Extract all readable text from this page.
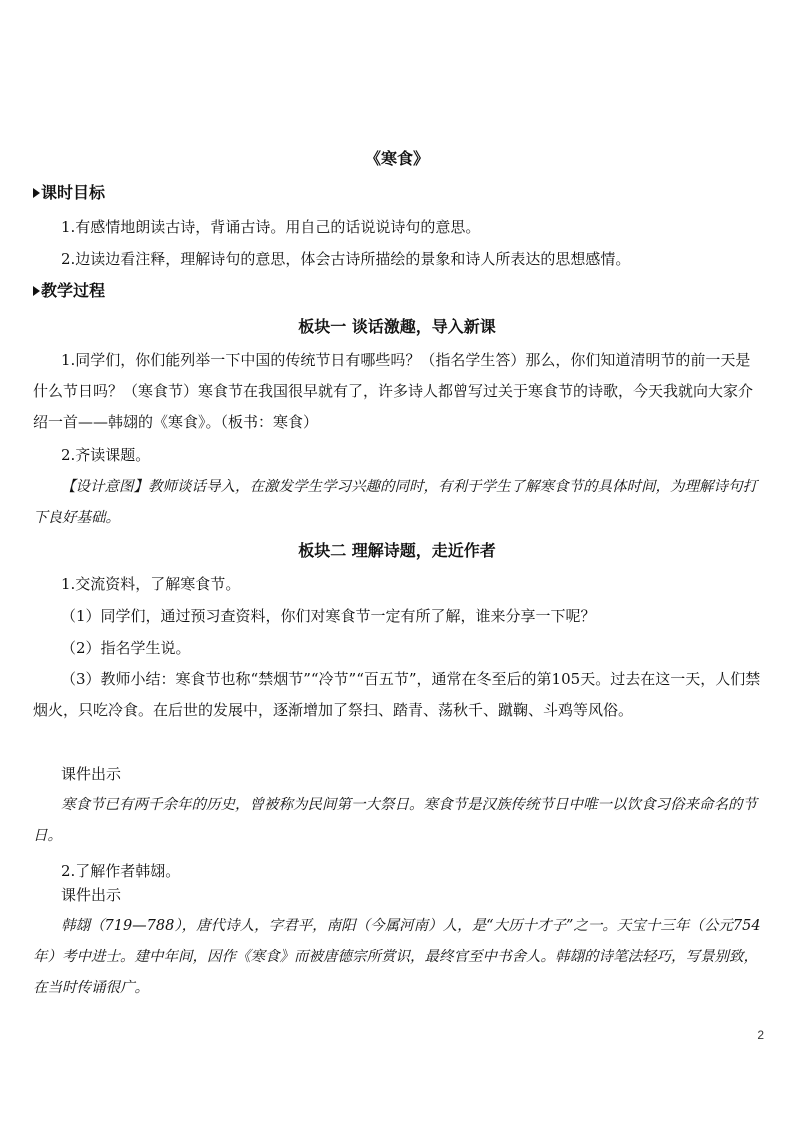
《寒食》
课时目标
1.有感情地朗读古诗，背诵古诗。用自己的话说说诗句的意思。
2.边读边看注释，理解诗句的意思，体会古诗所描绘的景象和诗人所表达的思想感情。
教学过程
板块一 谈话激趣，导入新课
1.同学们，你们能列举一下中国的传统节日有哪些吗？（指名学生答）那么，你们知道清明节的前一天是什么节日吗？（寒食节）寒食节在我国很早就有了，许多诗人都曾写过关于寒食节的诗歌，今天我就向大家介绍一首——韩翃的《寒食》。（板书：寒食）
2.齐读课题。
【设计意图】教师谈话导入，在激发学生学习兴趣的同时，有利于学生了解寒食节的具体时间，为理解诗句打下良好基础。
板块二 理解诗题，走近作者
1.交流资料，了解寒食节。
（1）同学们，通过预习查资料，你们对寒食节一定有所了解，谁来分享一下呢？
（2）指名学生说。
（3）教师小结：寒食节也称“禁烟节”“冷节”“百五节”，通常在冬至后的第105天。过去在这一天，人们禁烟火，只吃冷食。在后世的发展中，逐渐增加了祭扫、踏青、荡秋千、蹴鞠、斗鸡等风俗。
课件出示
寒食节已有两千余年的历史，曾被称为民间第一大祭日。寒食节是汉族传统节日中唯一以饮食习俗来命名的节日。
2.了解作者韩翃。
课件出示
韩翃（719—788），唐代诗人，字君平，南阳（今属河南）人，是“大历十才子”之一。天宝十三年（公元754年）考中进士。建中年间，因作《寒食》而被唐德宗所赏识，最终官至中书舍人。韩翃的诗笔法轻巧，写景别致，在当时传诵很广。
2
